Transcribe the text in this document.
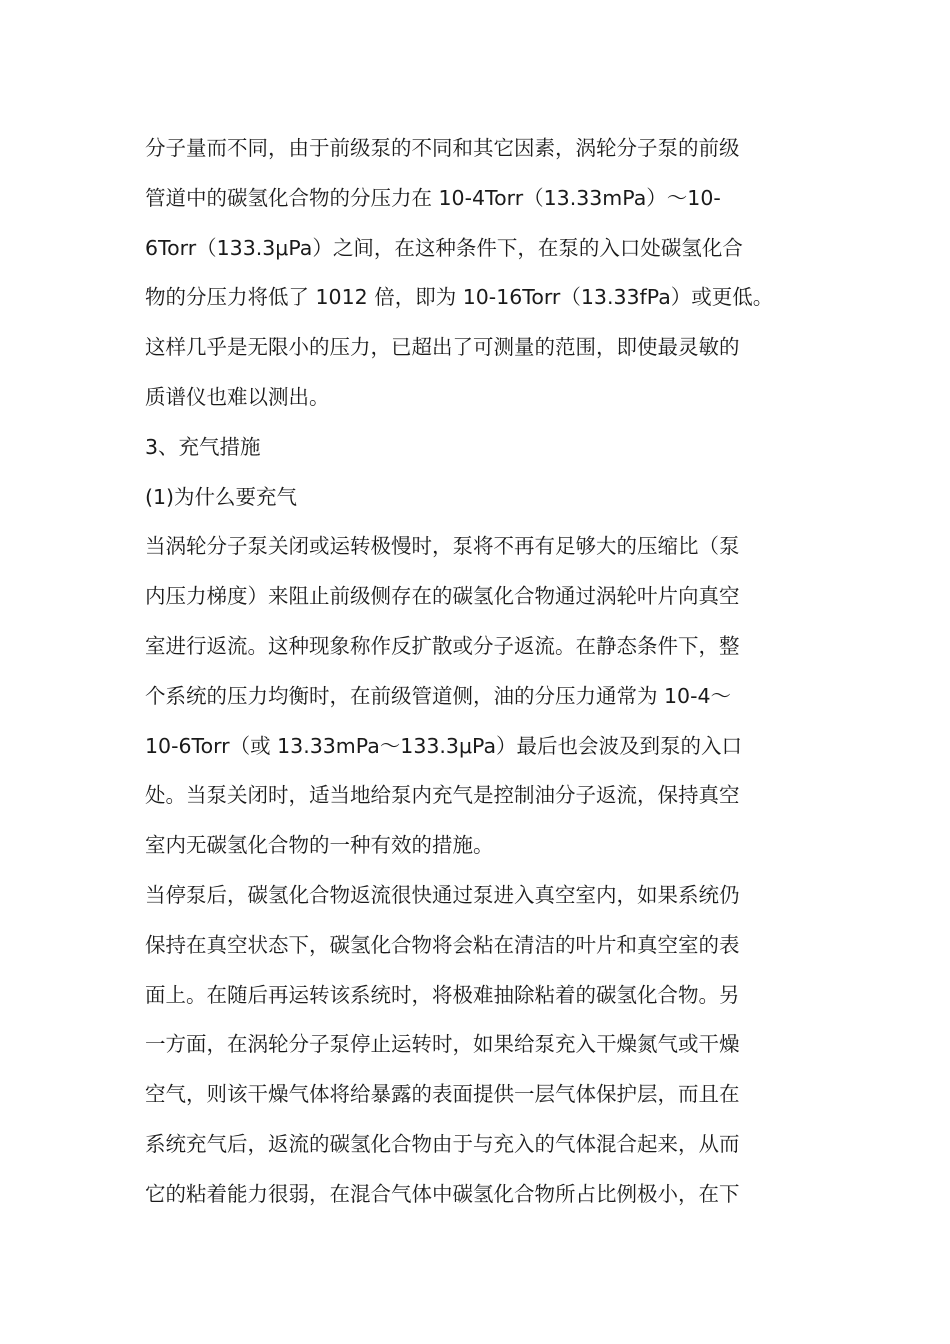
分子量而不同，由于前级泵的不同和其它因素，涡轮分子泵的前级
管道中的碳氢化合物的分压力在 10-4Torr（13.33mPa）～10-
6Torr（133.3μPa）之间，在这种条件下，在泵的入口处碳氢化合
物的分压力将低了 1012 倍，即为 10-16Torr（13.33fPa）或更低。
这样几乎是无限小的压力，已超出了可测量的范围，即使最灵敏的
质谱仪也难以测出。
3、充气措施
(1)为什么要充气
当涡轮分子泵关闭或运转极慢时，泵将不再有足够大的压缩比（泵
内压力梯度）来阻止前级侧存在的碳氢化合物通过涡轮叶片向真空
室进行返流。这种现象称作反扩散或分子返流。在静态条件下，整
个系统的压力均衡时，在前级管道侧，油的分压力通常为 10-4～
10-6Torr（或 13.33mPa～133.3μPa）最后也会波及到泵的入口
处。当泵关闭时，适当地给泵内充气是控制油分子返流，保持真空
室内无碳氢化合物的一种有效的措施。
当停泵后，碳氢化合物返流很快通过泵进入真空室内，如果系统仍
保持在真空状态下，碳氢化合物将会粘在清洁的叶片和真空室的表
面上。在随后再运转该系统时，将极难抽除粘着的碳氢化合物。另
一方面，在涡轮分子泵停止运转时，如果给泵充入干燥氮气或干燥
空气，则该干燥气体将给暴露的表面提供一层气体保护层，而且在
系统充气后，返流的碳氢化合物由于与充入的气体混合起来，从而
它的粘着能力很弱，在混合气体中碳氢化合物所占比例极小，在下
